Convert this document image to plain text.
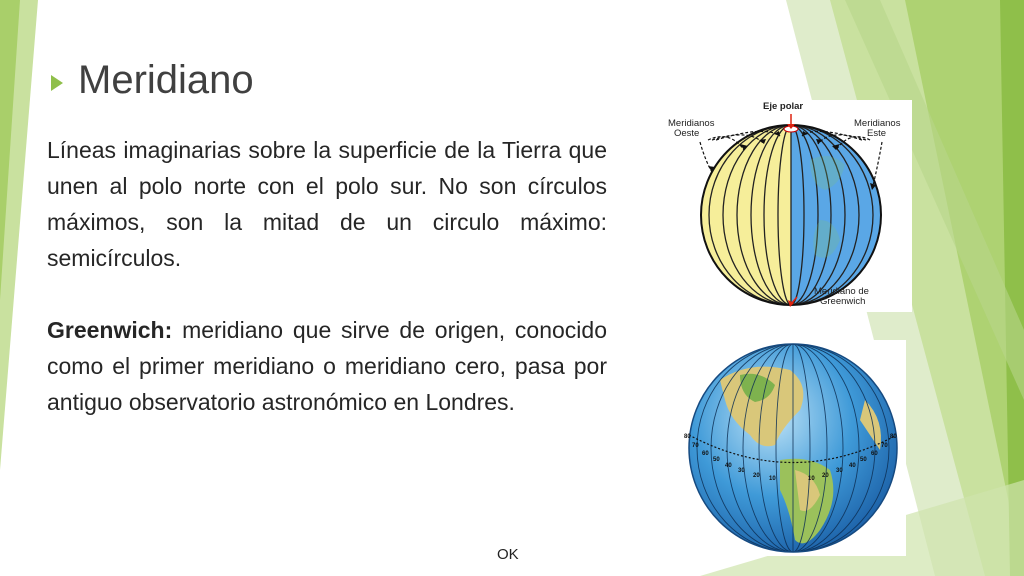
Meridiano

Líneas imaginarias sobre la superficie de la Tierra que unen al polo norte con el polo sur. No son círculos máximos, son la mitad de un circulo máximo: semicírculos.

Greenwich: meridiano que sirve de origen, conocido como el primer meridiano o meridiano cero, pasa por antiguo observatorio astronómico en Londres.

Eje polar
Meridianos
Oeste
Meridianos
Este
Meridiano de
Greenwich
80
70
60
50
40
30
20 10	10 20
30
40
50
60
70
80
OK
